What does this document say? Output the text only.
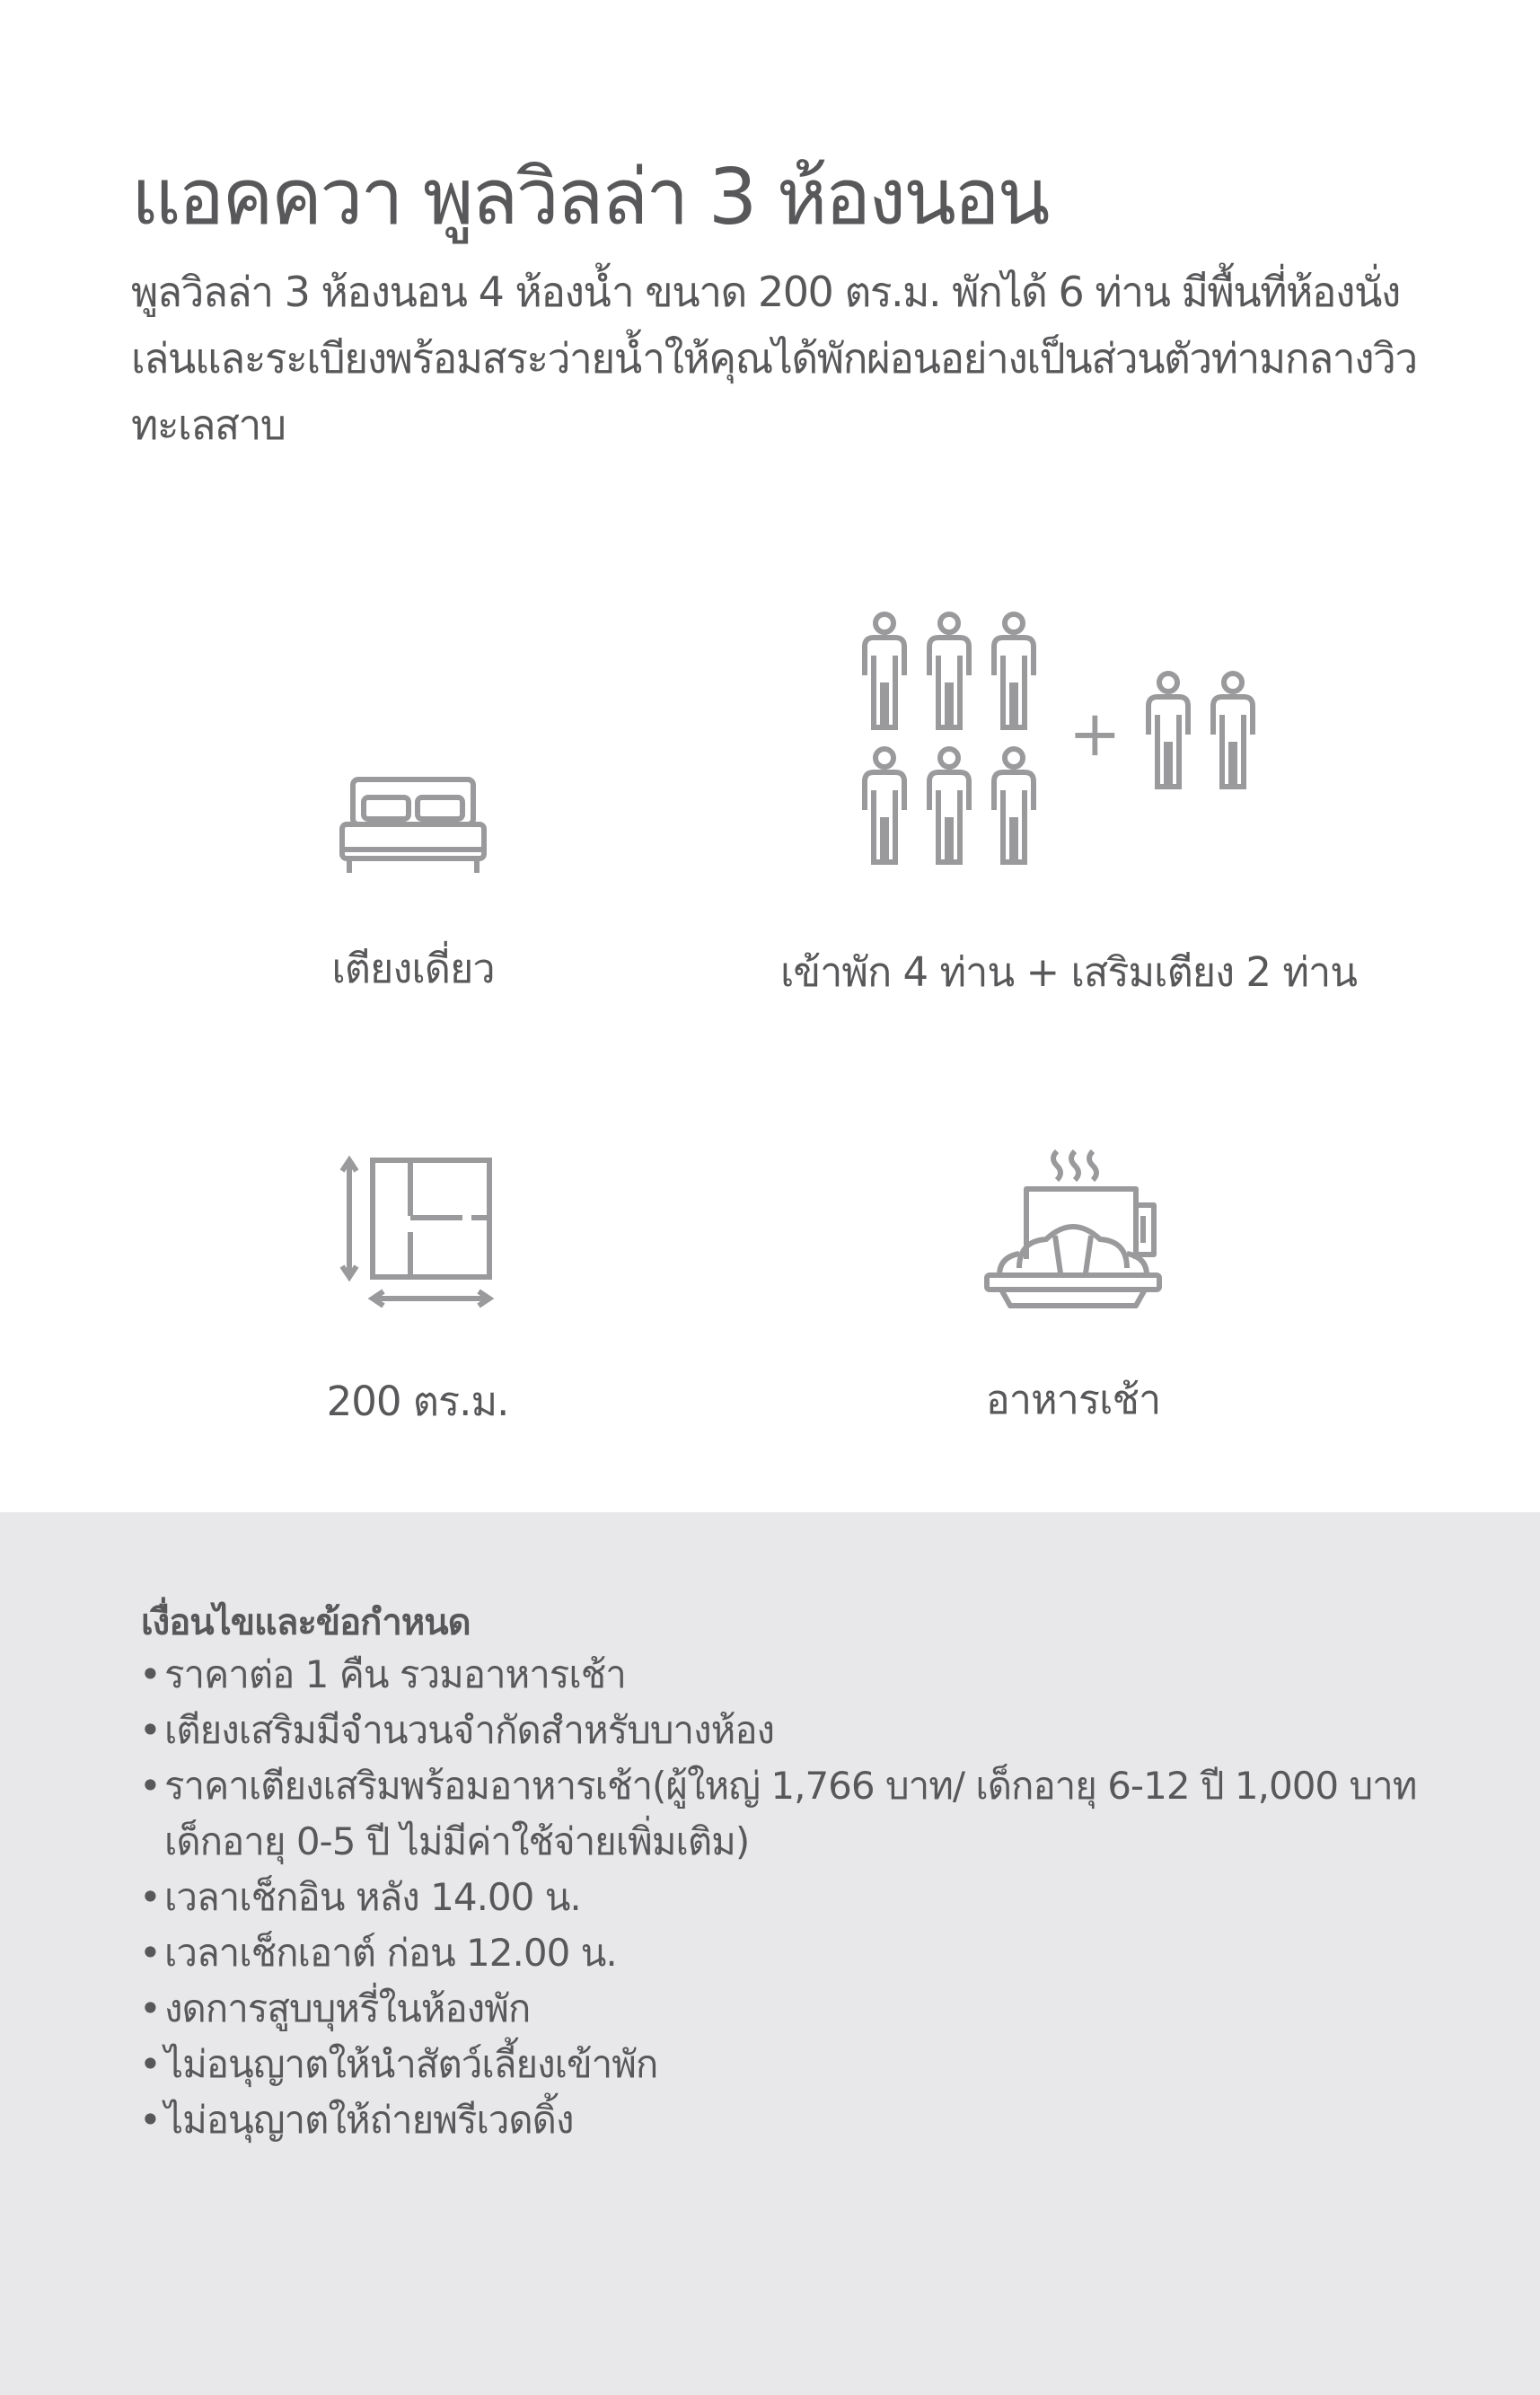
แอคควา พูลวิลล่า 3 ห้องนอน
พูลวิลล่า 3 ห้องนอน 4 ห้องน้ำ ขนาด 200 ตร.ม. พักได้ 6 ท่าน มีพื้นที่ห้องนั่งเล่นและระเบียงพร้อมสระว่ายน้ำให้คุณได้พักผ่อนอย่างเป็นส่วนตัวท่ามกลางวิวทะเลสาบ
เตียงเดี่ยว
+
เข้าพัก 4 ท่าน + เสริมเตียง 2 ท่าน
200 ตร.ม.	อาหารเช้า
เงื่อนไขและข้อกำหนด
• ราคาต่อ 1 คืน รวมอาหารเช้า
• เตียงเสริมมีจำนวนจำกัดสำหรับบางห้อง
• ราคาเตียงเสริมพร้อมอาหารเช้า(ผู้ใหญ่ 1,766 บาท/ เด็กอายุ 6-12 ปี 1,000 บาท เด็กอายุ 0-5 ปี ไม่มีค่าใช้จ่ายเพิ่มเติม)
• เวลาเช็กอิน หลัง 14.00 น.
• เวลาเช็กเอาต์ ก่อน 12.00 น.
• งดการสูบบุหรี่ในห้องพัก
• ไม่อนุญาตให้นำสัตว์เลี้ยงเข้าพัก
• ไม่อนุญาตให้ถ่ายพรีเวดดิ้ง
